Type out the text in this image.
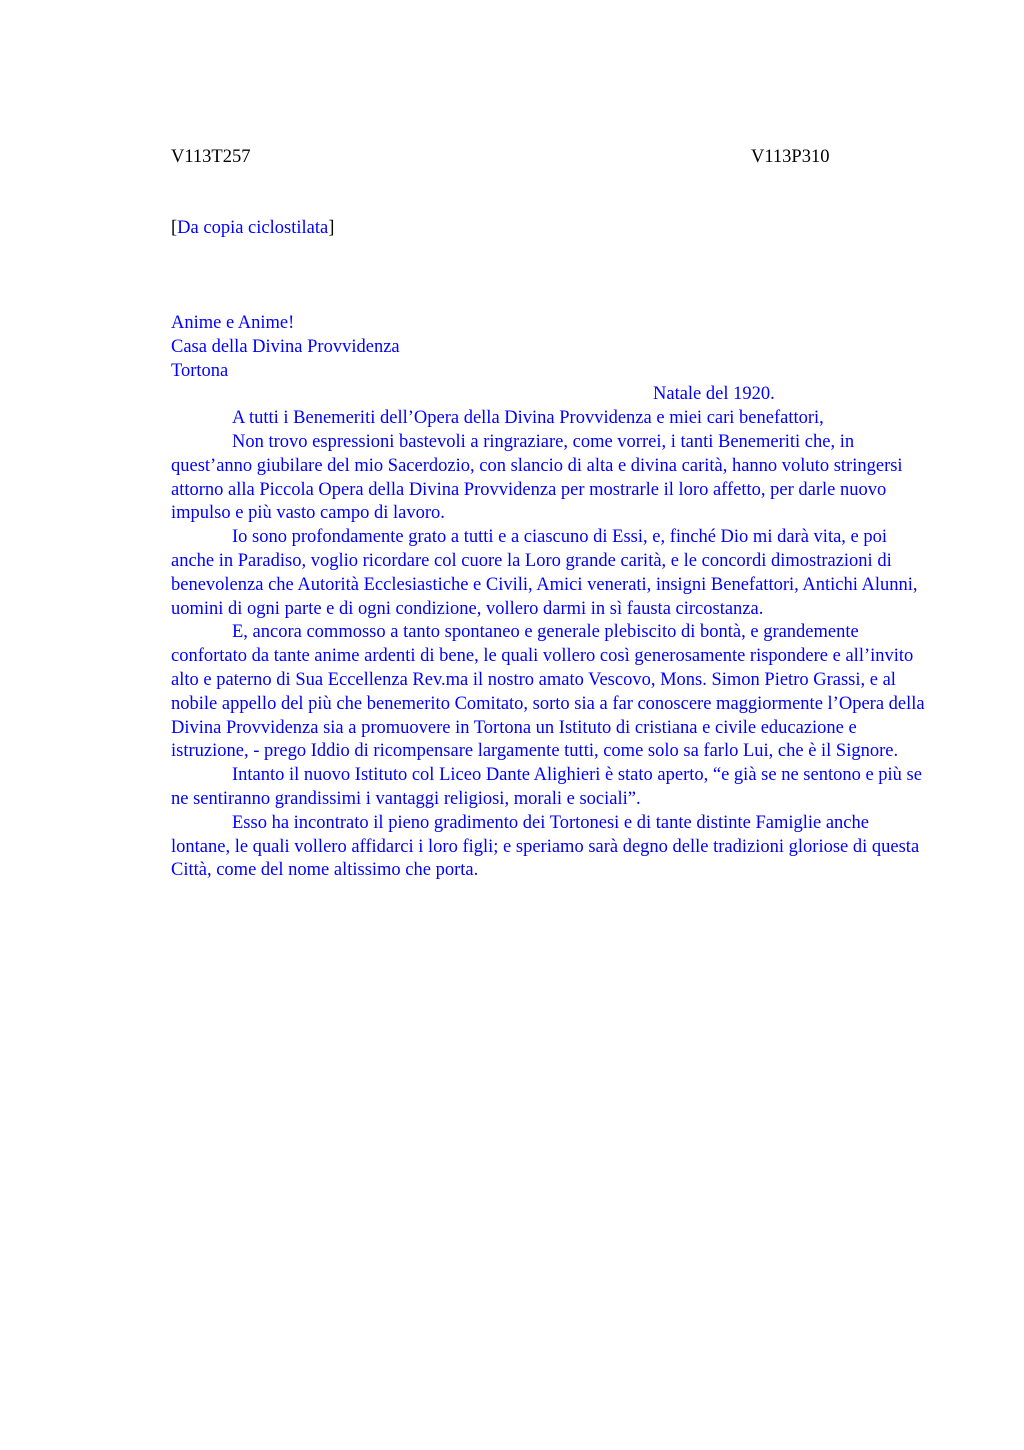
V113T257	V113P310
[Da copia ciclostilata]
Anime e Anime!
Casa della Divina Provvidenza
Tortona
Natale del 1920.

A tutti i Benemeriti dell’Opera della Divina Provvidenza e miei cari benefattori,

Non trovo espressioni bastevoli a ringraziare, come vorrei, i tanti Benemeriti che, in quest’anno giubilare del mio Sacerdozio, con slancio di alta e divina carità, hanno voluto stringersi attorno alla Piccola Opera della Divina Provvidenza per mostrarle il loro affetto, per darle nuovo impulso e più vasto campo di lavoro.

Io sono profondamente grato a tutti e a ciascuno di Essi, e, finché Dio mi darà vita, e poi anche in Paradiso, voglio ricordare col cuore la Loro grande carità, e le concordi dimostrazioni di benevolenza che Autorità Ecclesiastiche e Civili, Amici venerati, insigni Benefattori, Antichi Alunni, uomini di ogni parte e di ogni condizione, vollero darmi in sì fausta circostanza.

E, ancora commosso a tanto spontaneo e generale plebiscito di bontà, e grandemente confortato da tante anime ardenti di bene, le quali vollero così generosamente rispondere e all’invito alto e paterno di Sua Eccellenza Rev.ma il nostro amato Vescovo, Mons. Simon Pietro Grassi, e al nobile appello del più che benemerito Comitato, sorto sia a far conoscere maggiormente l’Opera della Divina Provvidenza sia a promuovere in Tortona un Istituto di cristiana e civile educazione e istruzione, - prego Iddio di ricompensare largamente tutti, come solo sa farlo Lui, che è il Signore.

Intanto il nuovo Istituto col Liceo Dante Alighieri è stato aperto, “e già se ne sentono e più se ne sentiranno grandissimi i vantaggi religiosi, morali e sociali”.

Esso ha incontrato il pieno gradimento dei Tortonesi e di tante distinte Famiglie anche lontane, le quali vollero affidarci i loro figli; e speriamo sarà degno delle tradizioni gloriose di questa Città, come del nome altissimo che porta.
